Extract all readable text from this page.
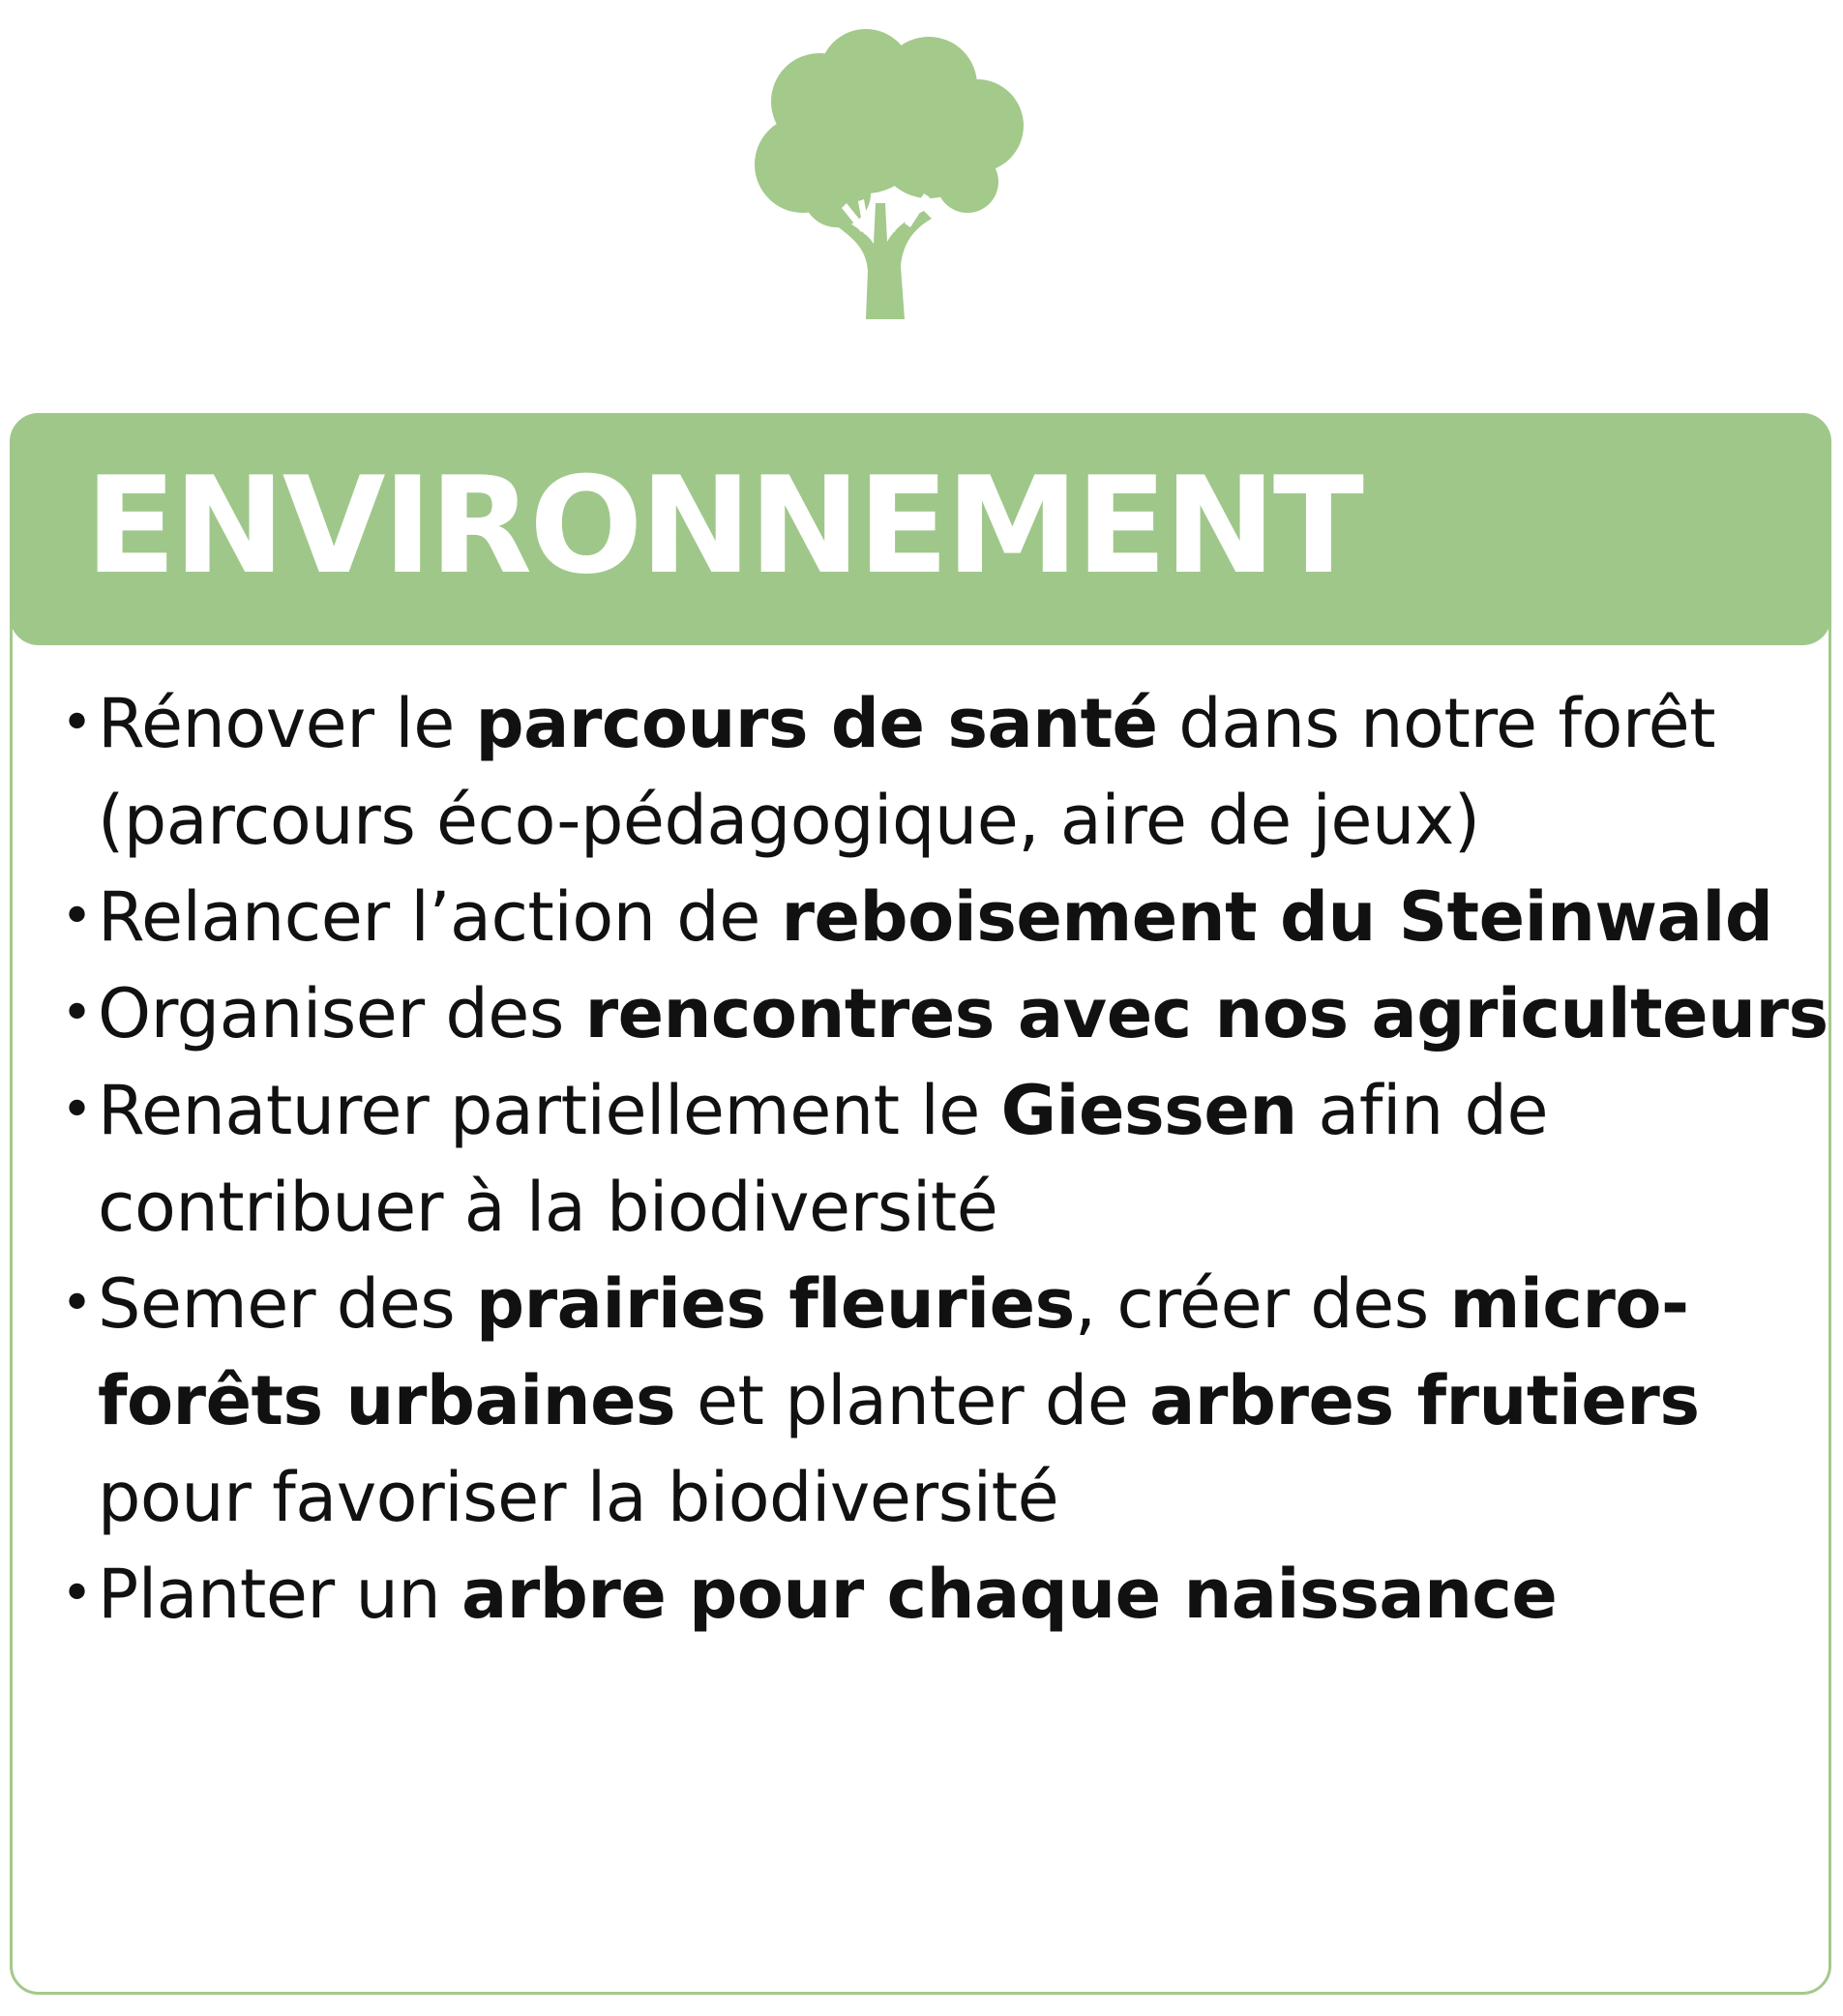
ENVIRONNEMENT
• Rénover le parcours de santé dans notre forêt (parcours éco-pédagogique, aire de jeux)
• Relancer l’action de reboisement du Steinwald
• Organiser des rencontres avec nos agriculteurs
• Renaturer partiellement le Giessen afin de contribuer à la biodiversité
• Semer des prairies fleuries, créer des micro-forêts urbaines et planter de arbres frutiers pour favoriser la biodiversité
• Planter un arbre pour chaque naissance
